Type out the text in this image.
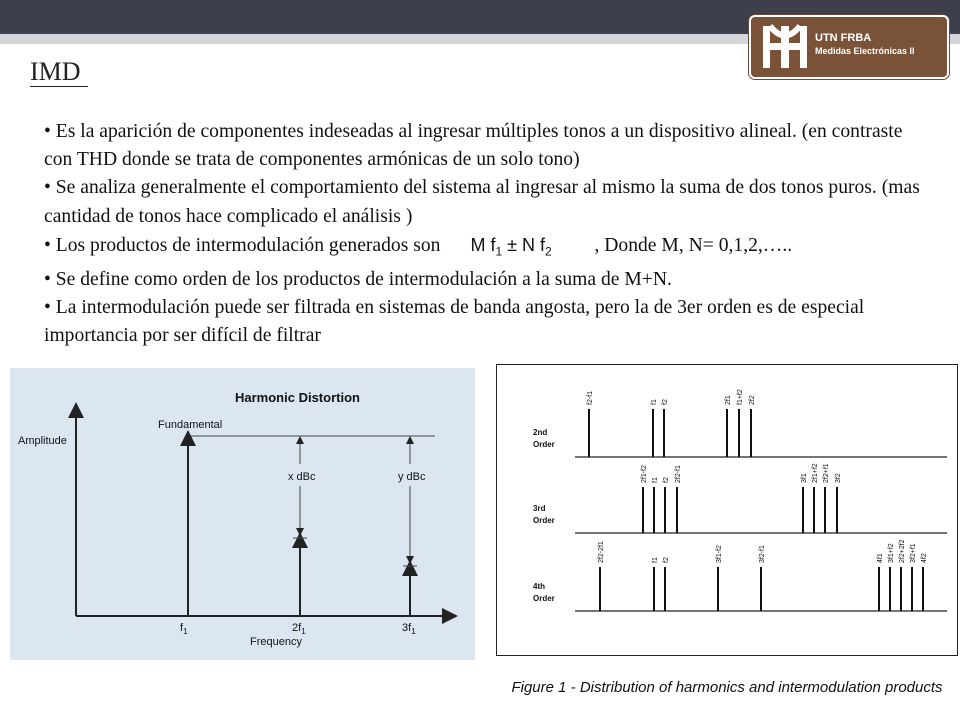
UTN FRBA
Medidas Electrónicas II
IMD

• Es la aparición de componentes indeseadas al ingresar múltiples tonos a un dispositivo alineal. (en contraste con THD donde se trata de componentes armónicas de un solo tono)

• Se analiza generalmente el comportamiento del sistema al ingresar al mismo la suma de dos tonos puros. (mas cantidad de tonos hace complicado el análisis )

• Los productos de intermodulación generados son M $f_1 \pm N$ $f_2$ , Donde M, N= 0,1,2,…..

• Se define como orden de los productos de intermodulación a la suma de M+N.

• La intermodulación puede ser filtrada en sistemas de banda angosta, pero la de 3er orden es de especial importancia por ser difícil de filtrar

Harmonic Distortion
Amplitude
Fundamental
x dBc	y dBc
$f_1$	$2f_1$	$3f_1$
Frequency
2nd
Order
f2-f1	f1 f2	2f1 f1+f2 2f2
3rd
Order
2f1-f2 f1 f2 2f2-f1	3f1 2f1+f2 2f2+f1 3f2
4th
Order
2f2-2f1	f1 f2	3f1-f2	3f2-f1	4f1 3f1+f2 2f2+2f2 3f2+f1 4f2
Figure 1 - Distribution of harmonics and intermodulation products
